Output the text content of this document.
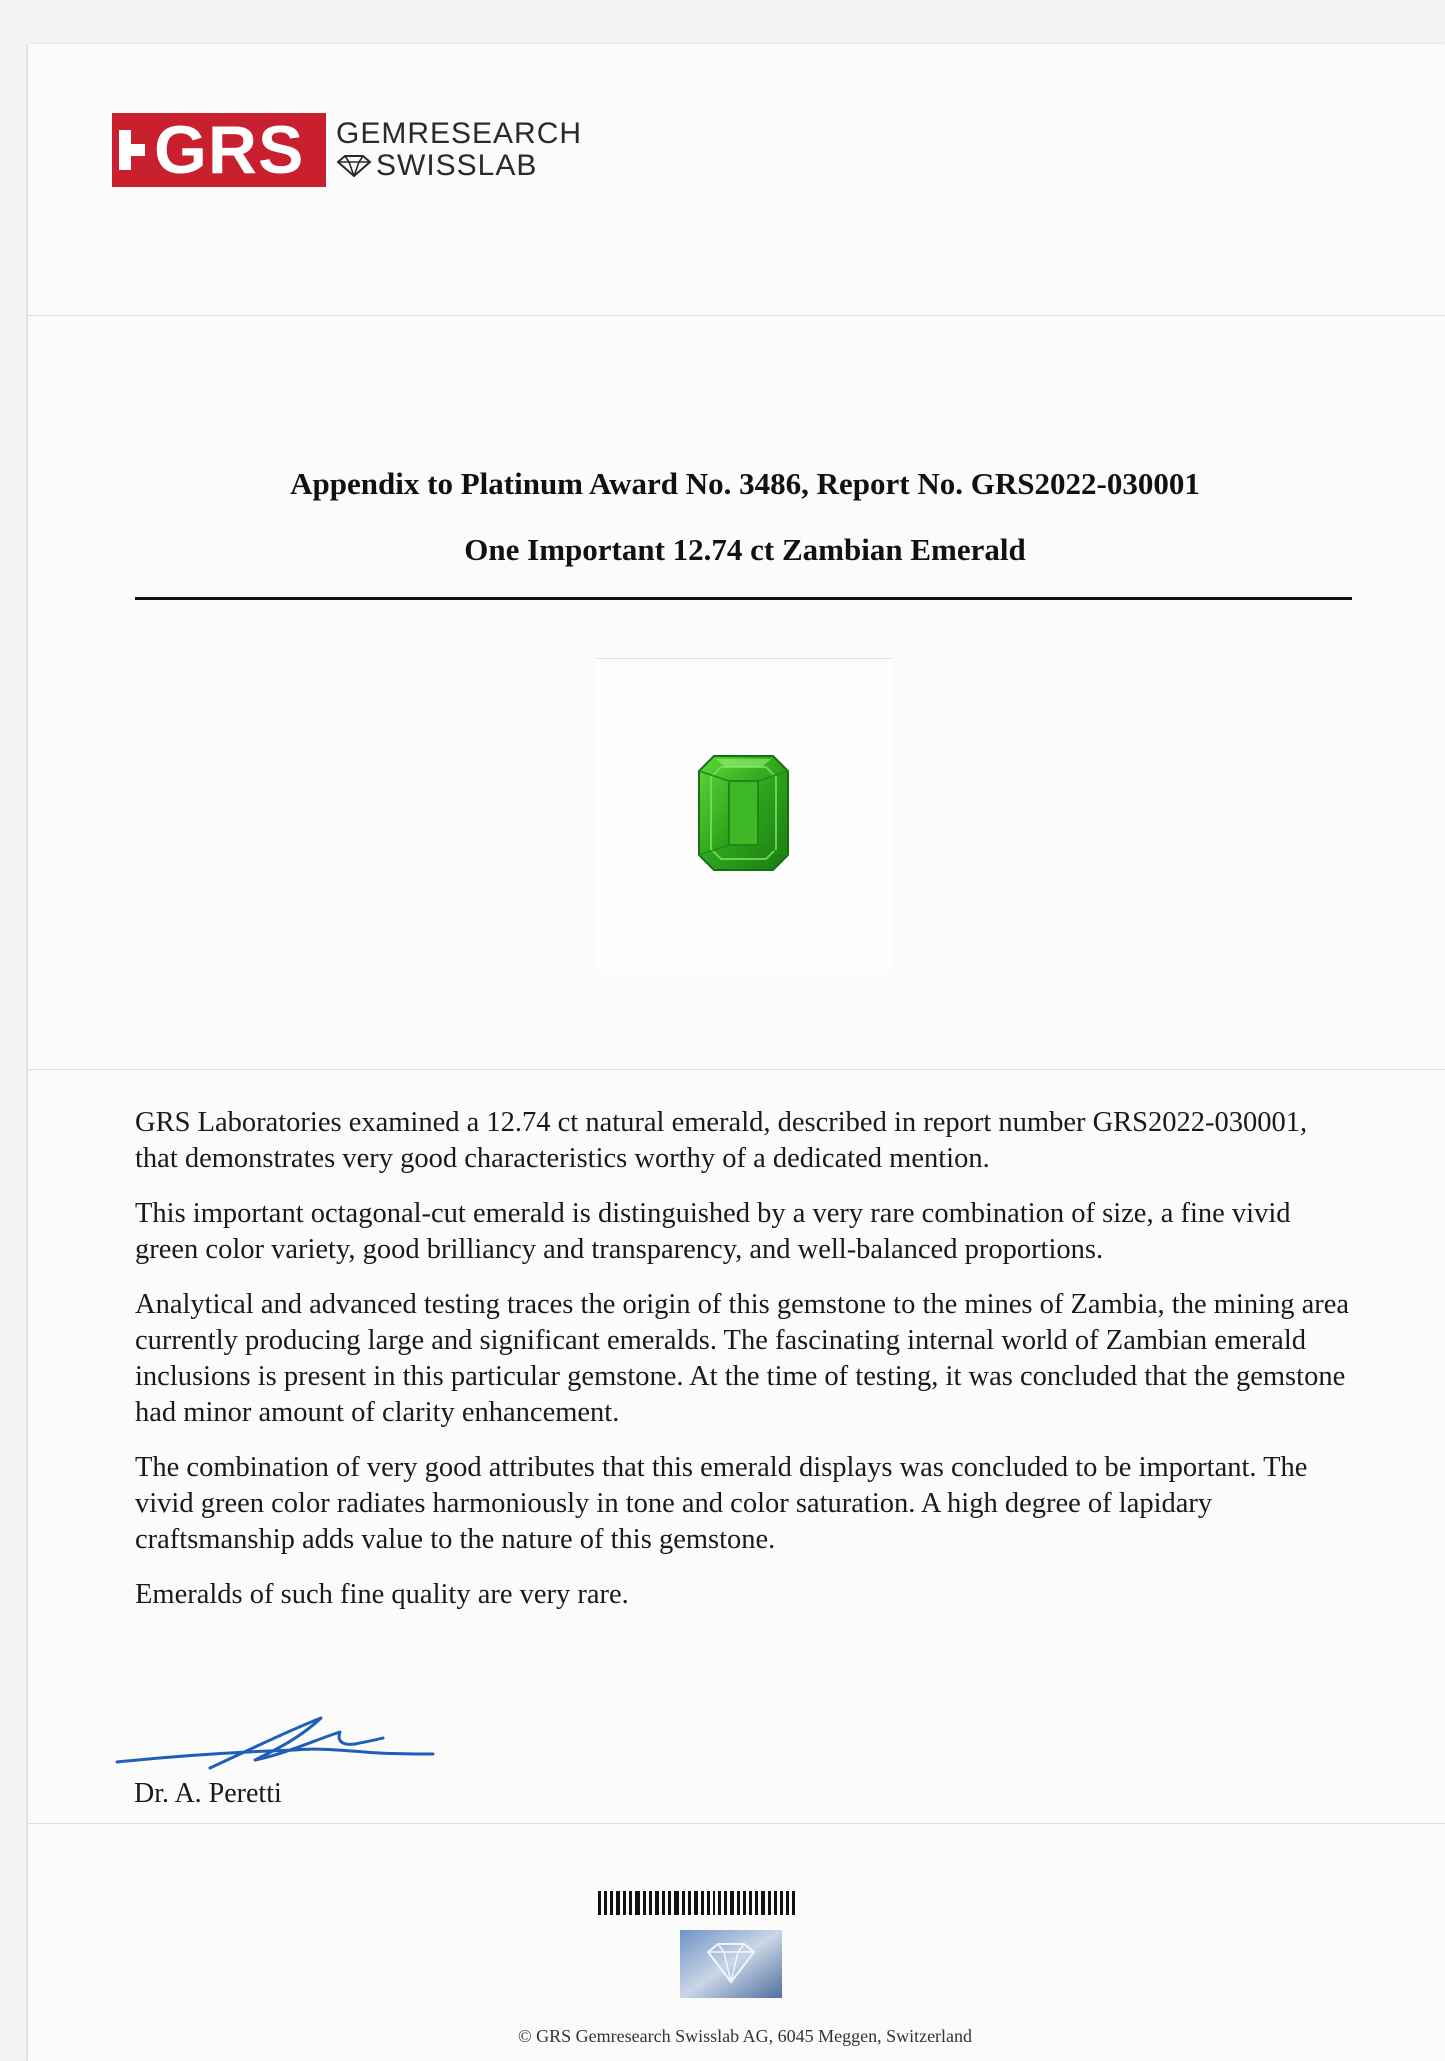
GRS GEMRESEARCH
SWISSLAB
Appendix to Platinum Award No. 3486, Report No. GRS2022-030001
One Important 12.74 ct Zambian Emerald

GRS Laboratories examined a 12.74 ct natural emerald, described in report number GRS2022-030001, that demonstrates very good characteristics worthy of a dedicated mention.

This important octagonal-cut emerald is distinguished by a very rare combination of size, a fine vivid green color variety, good brilliancy and transparency, and well-balanced proportions.

Analytical and advanced testing traces the origin of this gemstone to the mines of Zambia, the mining area currently producing large and significant emeralds. The fascinating internal world of Zambian emerald inclusions is present in this particular gemstone. At the time of testing, it was concluded that the gemstone had minor amount of clarity enhancement.

The combination of very good attributes that this emerald displays was concluded to be important. The vivid green color radiates harmoniously in tone and color saturation. A high degree of lapidary craftsmanship adds value to the nature of this gemstone.

Emeralds of such fine quality are very rare.

Dr. A. Peretti
© GRS Gemresearch Swisslab AG, 6045 Meggen, Switzerland
